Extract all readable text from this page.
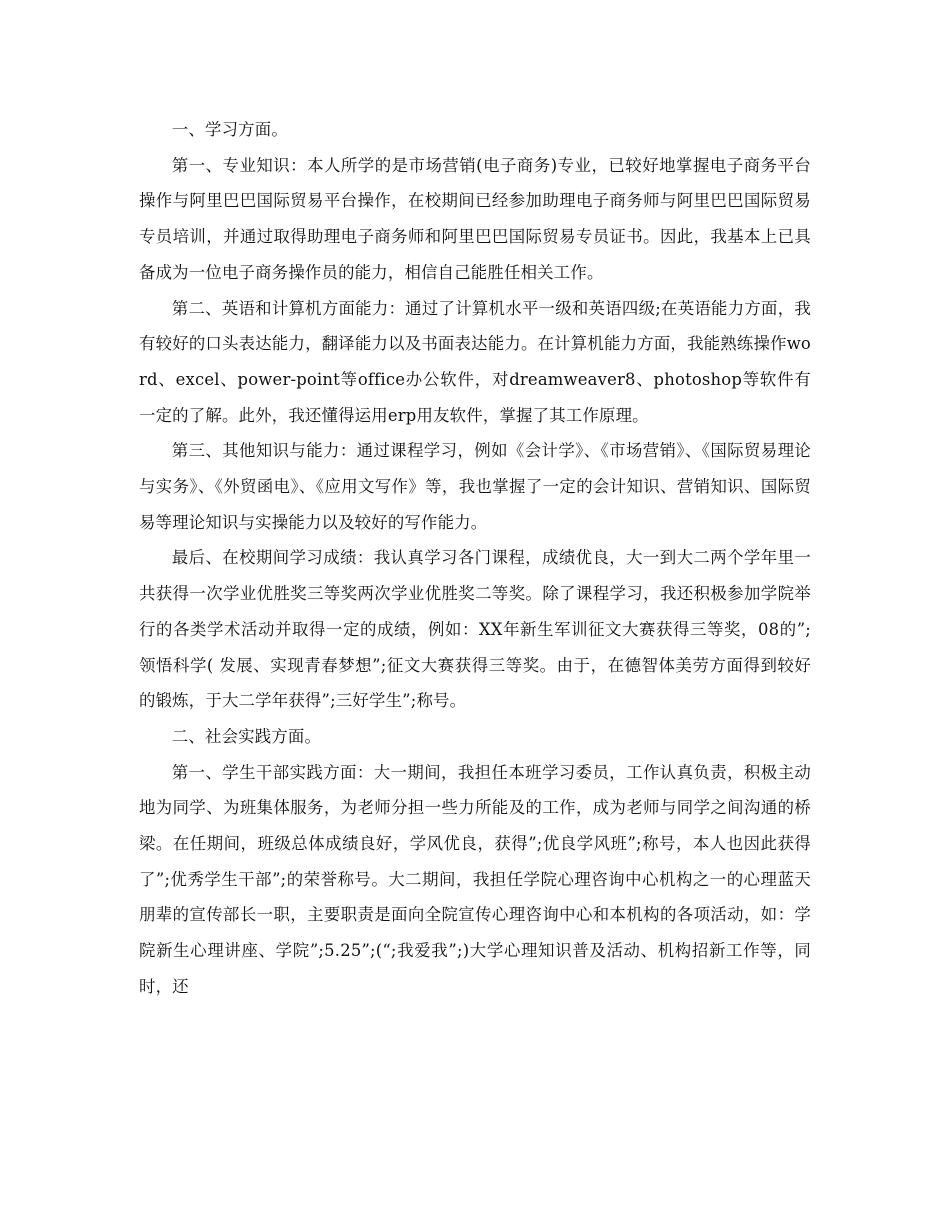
一、学习方面。

第一、专业知识：本人所学的是市场营销(电子商务)专业，已较好地掌握电子商务平台操作与阿里巴巴国际贸易平台操作，在校期间已经参加助理电子商务师与阿里巴巴国际贸易专员培训，并通过取得助理电子商务师和阿里巴巴国际贸易专员证书。因此，我基本上已具备成为一位电子商务操作员的能力，相信自己能胜任相关工作。

第二、英语和计算机方面能力：通过了计算机水平一级和英语四级;在英语能力方面，我有较好的口头表达能力，翻译能力以及书面表达能力。在计算机能力方面，我能熟练操作word、excel、power-point等office办公软件，对dreamweaver8、photoshop等软件有一定的了解。此外，我还懂得运用erp用友软件，掌握了其工作原理。

第三、其他知识与能力：通过课程学习，例如《会计学》、《市场营销》、《国际贸易理论与实务》、《外贸函电》、《应用文写作》等，我也掌握了一定的会计知识、营销知识、国际贸易等理论知识与实操能力以及较好的写作能力。

最后、在校期间学习成绩：我认真学习各门课程，成绩优良，大一到大二两个学年里一共获得一次学业优胜奖三等奖两次学业优胜奖二等奖。除了课程学习，我还积极参加学院举行的各类学术活动并取得一定的成绩，例如：XX年新生军训征文大赛获得三等奖，08的”;领悟科学( 发展、实现青春梦想”;征文大赛获得三等奖。由于，在德智体美劳方面得到较好的锻炼，于大二学年获得”;三好学生”;称号。

二、社会实践方面。

第一、学生干部实践方面：大一期间，我担任本班学习委员，工作认真负责，积极主动地为同学、为班集体服务，为老师分担一些力所能及的工作，成为老师与同学之间沟通的桥梁。在任期间，班级总体成绩良好，学风优良，获得”;优良学风班”;称号，本人也因此获得了”;优秀学生干部”;的荣誉称号。大二期间，我担任学院心理咨询中心机构之一的心理蓝天朋辈的宣传部长一职，主要职责是面向全院宣传心理咨询中心和本机构的各项活动，如：学院新生心理讲座、学院”;5.25”;(“;我爱我”;)大学心理知识普及活动、机构招新工作等，同时，还
